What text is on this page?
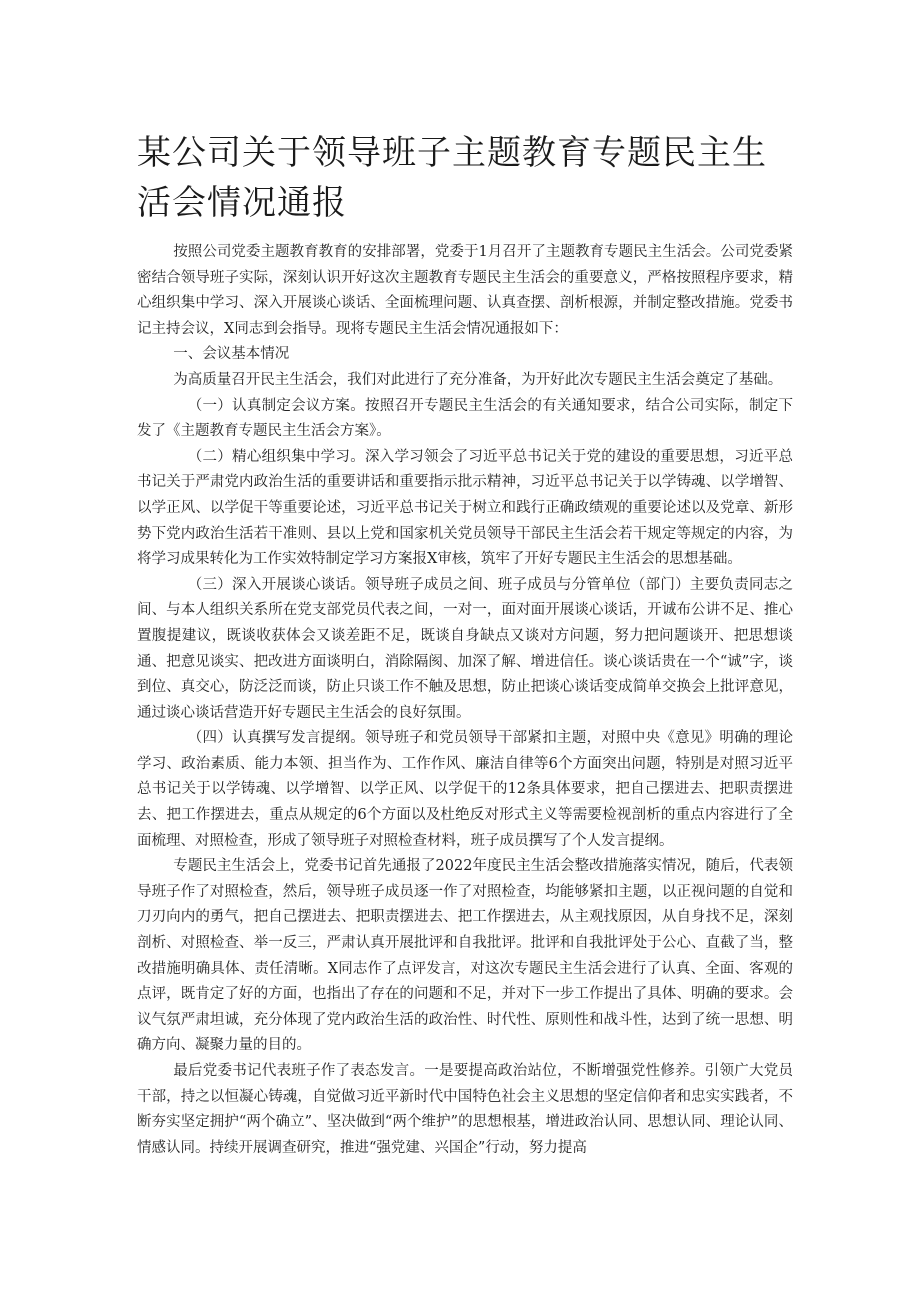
某公司关于领导班子主题教育专题民主生活会情况通报

按照公司党委主题教育教育的安排部署，党委于1月召开了主题教育专题民主生活会。公司党委紧密结合领导班子实际，深刻认识开好这次主题教育专题民主生活会的重要意义，严格按照程序要求，精心组织集中学习、深入开展谈心谈话、全面梳理问题、认真查摆、剖析根源，并制定整改措施。党委书记主持会议，X同志到会指导。现将专题民主生活会情况通报如下：

一、会议基本情况

为高质量召开民主生活会，我们对此进行了充分准备，为开好此次专题民主生活会奠定了基础。

（一）认真制定会议方案。按照召开专题民主生活会的有关通知要求，结合公司实际，制定下发了《主题教育专题民主生活会方案》。

（二）精心组织集中学习。深入学习领会了习近平总书记关于党的建设的重要思想，习近平总书记关于严肃党内政治生活的重要讲话和重要指示批示精神，习近平总书记关于以学铸魂、以学增智、以学正风、以学促干等重要论述，习近平总书记关于树立和践行正确政绩观的重要论述以及党章、新形势下党内政治生活若干准则、县以上党和国家机关党员领导干部民主生活会若干规定等规定的内容，为将学习成果转化为工作实效特制定学习方案报X审核，筑牢了开好专题民主生活会的思想基础。

（三）深入开展谈心谈话。领导班子成员之间、班子成员与分管单位（部门）主要负责同志之间、与本人组织关系所在党支部党员代表之间，一对一，面对面开展谈心谈话，开诚布公讲不足、推心置腹提建议，既谈收获体会又谈差距不足，既谈自身缺点又谈对方问题，努力把问题谈开、把思想谈通、把意见谈实、把改进方面谈明白，消除隔阂、加深了解、增进信任。谈心谈话贵在一个“诚”字，谈到位、真交心，防泛泛而谈，防止只谈工作不触及思想，防止把谈心谈话变成简单交换会上批评意见，通过谈心谈话营造开好专题民主生活会的良好氛围。

（四）认真撰写发言提纲。领导班子和党员领导干部紧扣主题，对照中央《意见》明确的理论学习、政治素质、能力本领、担当作为、工作作风、廉洁自律等6个方面突出问题，特别是对照习近平总书记关于以学铸魂、以学增智、以学正风、以学促干的12条具体要求，把自己摆进去、把职责摆进去、把工作摆进去，重点从规定的6个方面以及杜绝反对形式主义等需要检视剖析的重点内容进行了全面梳理、对照检查，形成了领导班子对照检查材料，班子成员撰写了个人发言提纲。

专题民主生活会上，党委书记首先通报了2022年度民主生活会整改措施落实情况，随后，代表领导班子作了对照检查，然后，领导班子成员逐一作了对照检查，均能够紧扣主题，以正视问题的自觉和刀刃向内的勇气，把自己摆进去、把职责摆进去、把工作摆进去，从主观找原因，从自身找不足，深刻剖析、对照检查、举一反三，严肃认真开展批评和自我批评。批评和自我批评处于公心、直截了当，整改措施明确具体、责任清晰。X同志作了点评发言，对这次专题民主生活会进行了认真、全面、客观的点评，既肯定了好的方面，也指出了存在的问题和不足，并对下一步工作提出了具体、明确的要求。会议气氛严肃坦诚，充分体现了党内政治生活的政治性、时代性、原则性和战斗性，达到了统一思想、明确方向、凝聚力量的目的。

最后党委书记代表班子作了表态发言。一是要提高政治站位，不断增强党性修养。引领广大党员干部，持之以恒凝心铸魂，自觉做习近平新时代中国特色社会主义思想的坚定信仰者和忠实实践者，不断夯实坚定拥护“两个确立”、坚决做到“两个维护”的思想根基，增进政治认同、思想认同、理论认同、情感认同。持续开展调查研究，推进“强党建、兴国企”行动，努力提高
